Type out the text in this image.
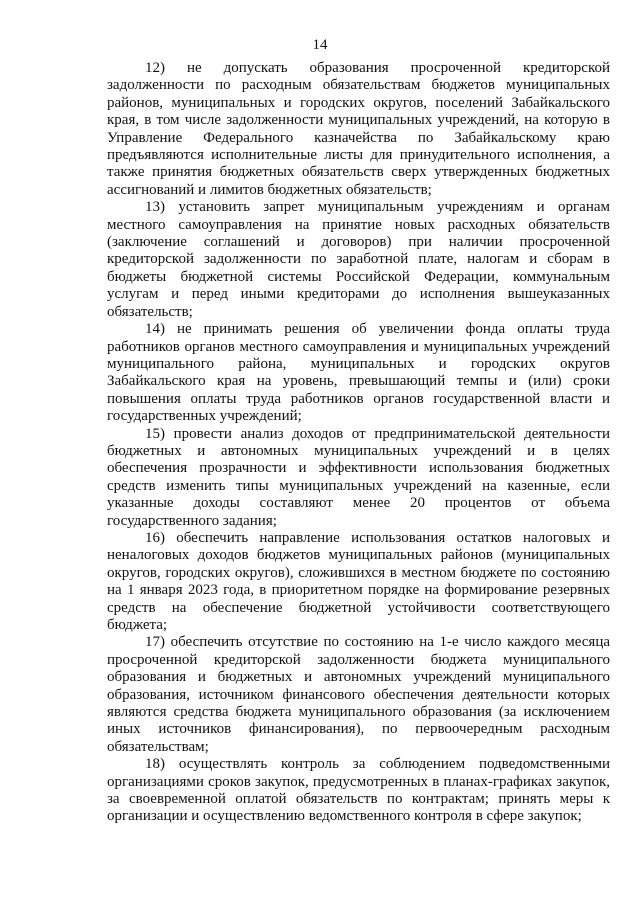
14

12) не допускать образования просроченной кредиторской задолженности по расходным обязательствам бюджетов муниципальных районов, муниципальных и городских округов, поселений Забайкальского края, в том числе задолженности муниципальных учреждений, на которую в Управление Федерального казначейства по Забайкальскому краю предъявляются исполнительные листы для принудительного исполнения, а также принятия бюджетных обязательств сверх утвержденных бюджетных ассигнований и лимитов бюджетных обязательств;

13) установить запрет муниципальным учреждениям и органам местного самоуправления на принятие новых расходных обязательств (заключение соглашений и договоров) при наличии просроченной кредиторской задолженности по заработной плате, налогам и сборам в бюджеты бюджетной системы Российской Федерации, коммунальным услугам и перед иными кредиторами до исполнения вышеуказанных обязательств;

14) не принимать решения об увеличении фонда оплаты труда работников органов местного самоуправления и муниципальных учреждений муниципального района, муниципальных и городских округов Забайкальского края на уровень, превышающий темпы и (или) сроки повышения оплаты труда работников органов государственной власти и государственных учреждений;

15) провести анализ доходов от предпринимательской деятельности бюджетных и автономных муниципальных учреждений и в целях обеспечения прозрачности и эффективности использования бюджетных средств изменить типы муниципальных учреждений на казенные, если указанные доходы составляют менее 20 процентов от объема государственного задания;

16) обеспечить направление использования остатков налоговых и неналоговых доходов бюджетов муниципальных районов (муниципальных округов, городских округов), сложившихся в местном бюджете по состоянию на 1 января 2023 года, в приоритетном порядке на формирование резервных средств на обеспечение бюджетной устойчивости соответствующего бюджета;

17) обеспечить отсутствие по состоянию на 1-е число каждого месяца просроченной кредиторской задолженности бюджета муниципального образования и бюджетных и автономных учреждений муниципального образования, источником финансового обеспечения деятельности которых являются средства бюджета муниципального образования (за исключением иных источников финансирования), по первоочередным расходным обязательствам;

18) осуществлять контроль за соблюдением подведомственными организациями сроков закупок, предусмотренных в планах-графиках закупок, за своевременной оплатой обязательств по контрактам; принять меры к организации и осуществлению ведомственного контроля в сфере закупок;
